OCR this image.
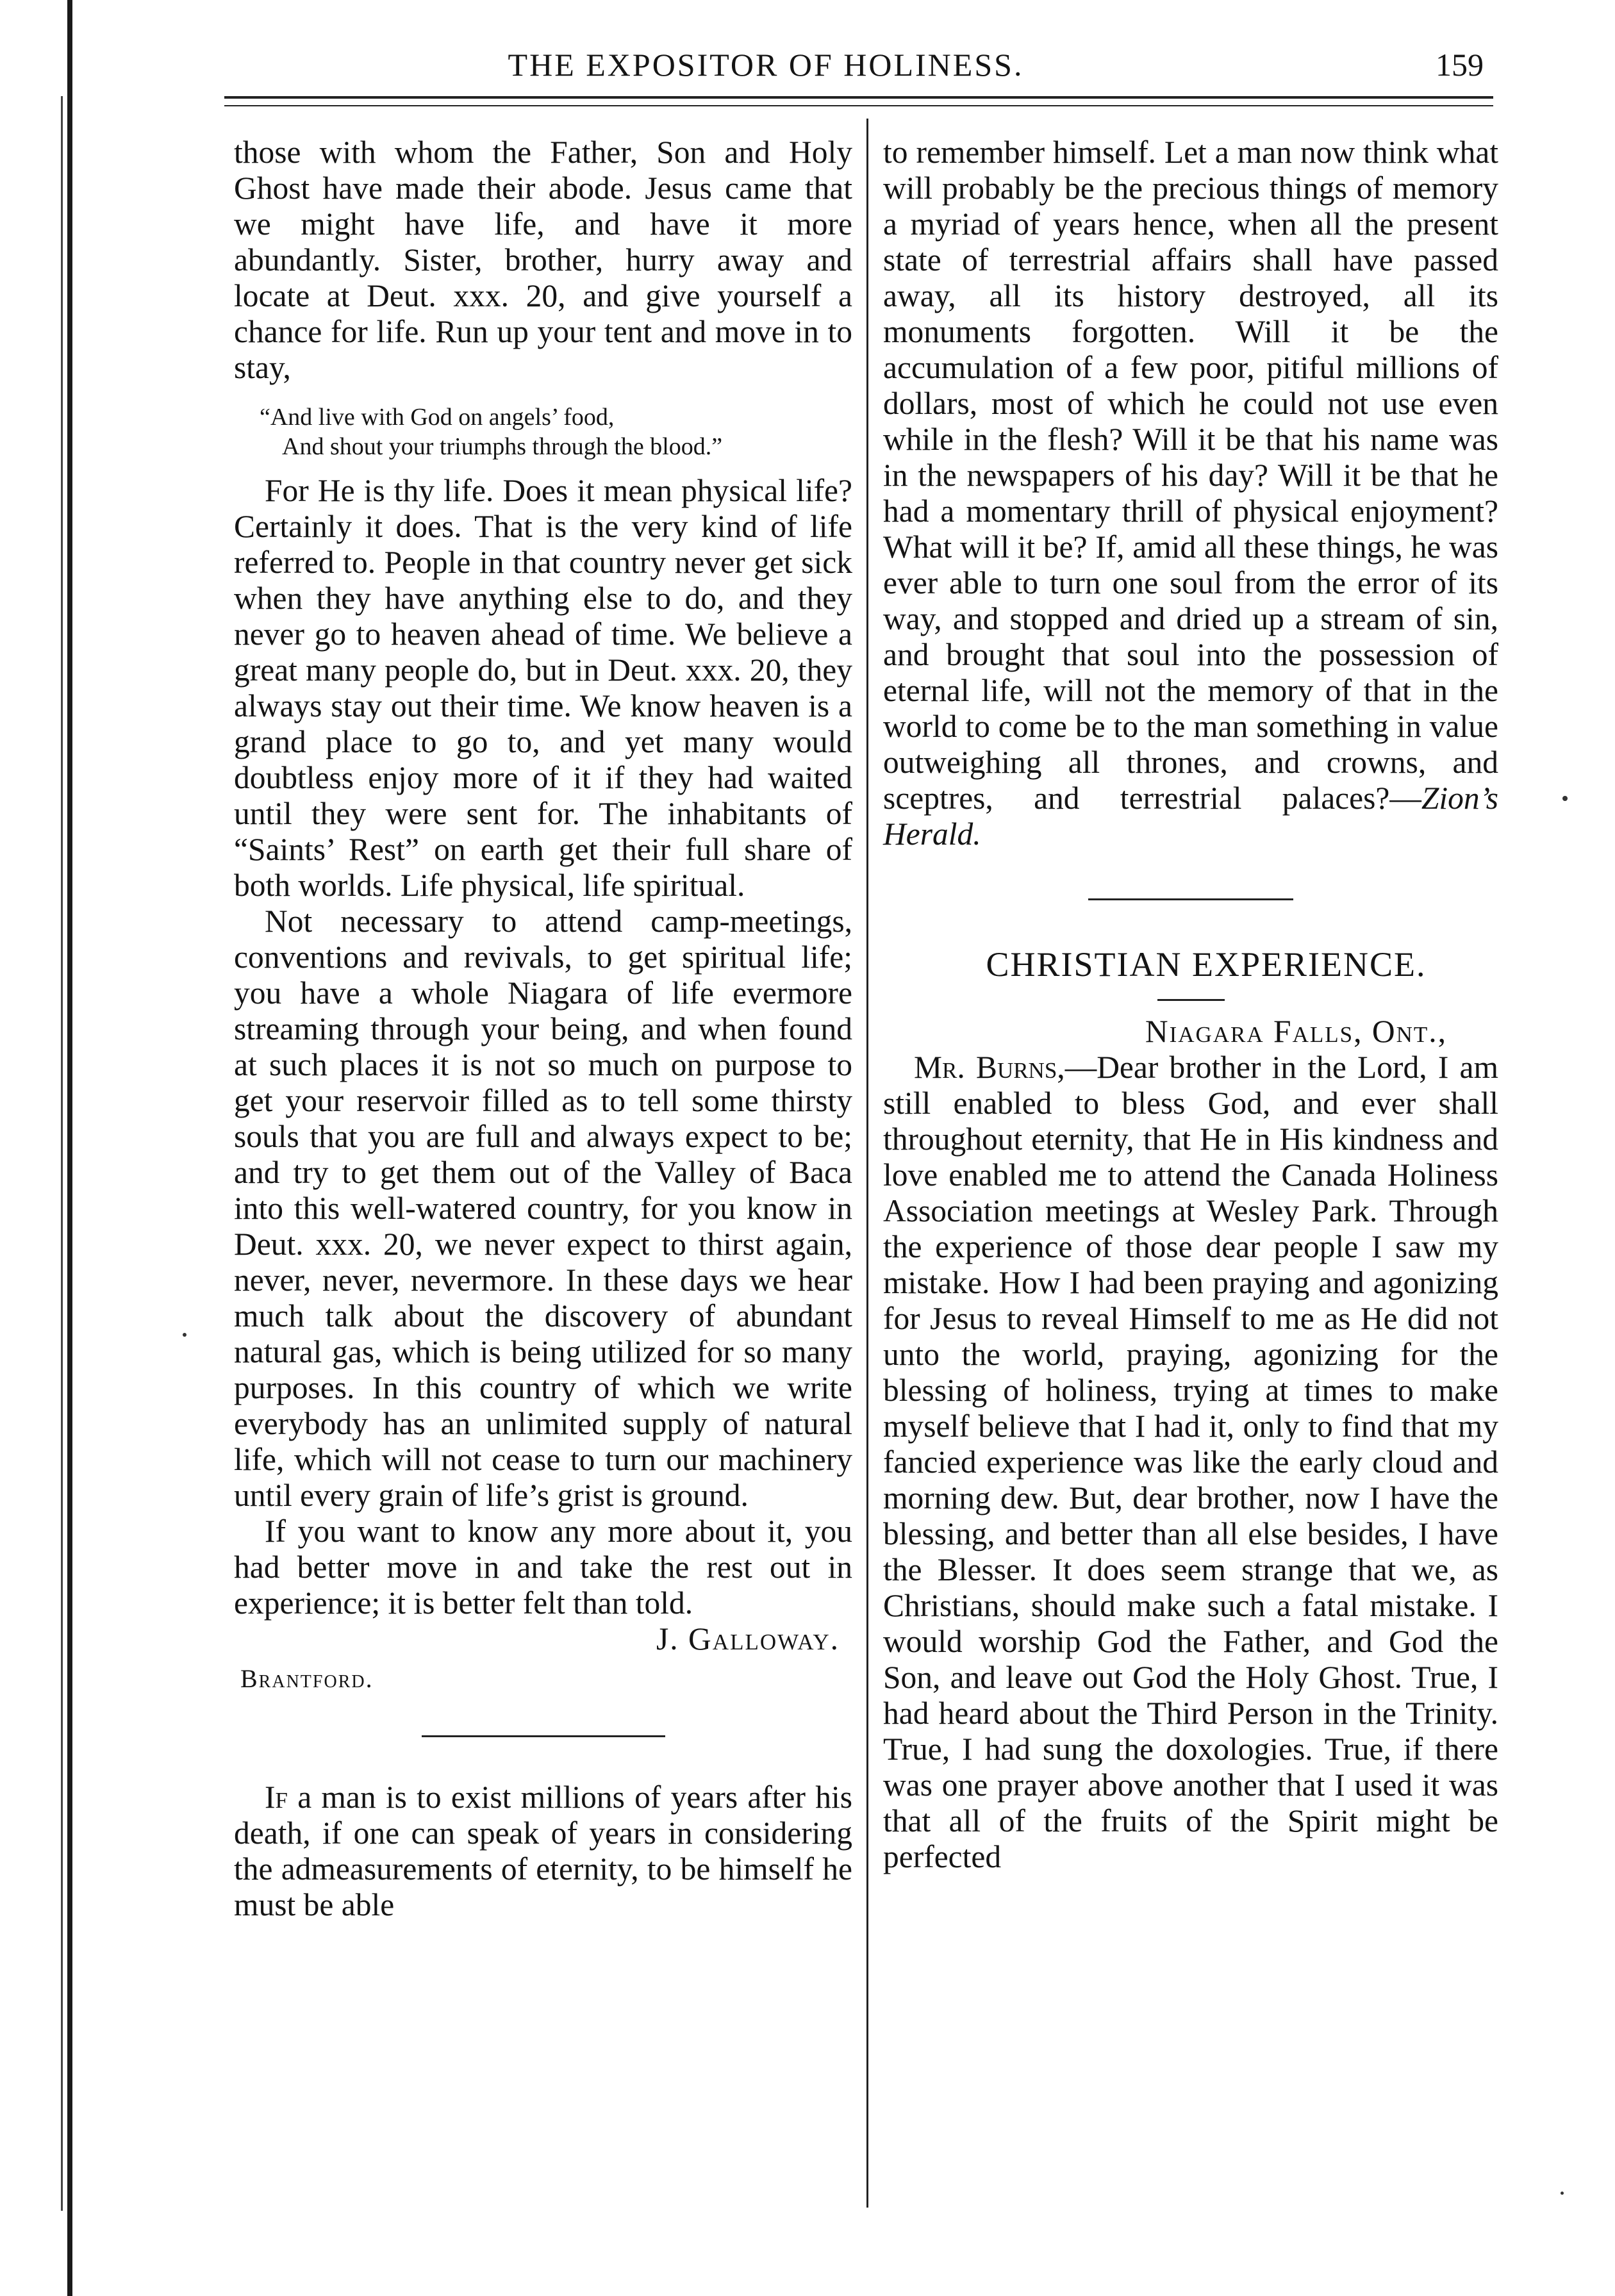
THE EXPOSITOR OF HOLINESS.	159

those with whom the Father, Son and Holy Ghost have made their abode. Jesus came that we might have life, and have it more abundantly. Sister, brother, hurry away and locate at Deut. xxx. 20, and give yourself a chance for life. Run up your tent and move in to stay,

“And live with God on angels’ food,
And shout your triumphs through the blood.”

For He is thy life. Does it mean physical life? Certainly it does. That is the very kind of life referred to. People in that country never get sick when they have anything else to do, and they never go to heaven ahead of time. We believe a great many people do, but in Deut. xxx. 20, they always stay out their time. We know heaven is a grand place to go to, and yet many would doubtless enjoy more of it if they had waited until they were sent for. The inhabitants of “Saints’ Rest” on earth get their full share of both worlds. Life physical, life spiritual.

Not necessary to attend camp-meetings, conventions and revivals, to get spiritual life; you have a whole Niagara of life evermore streaming through your being, and when found at such places it is not so much on purpose to get your reservoir filled as to tell some thirsty souls that you are full and always expect to be; and try to get them out of the Valley of Baca into this well-watered country, for you know in Deut. xxx. 20, we never expect to thirst again, never, never, nevermore. In these days we hear much talk about the discovery of abundant natural gas, which is being utilized for so many purposes. In this country of which we write everybody has an unlimited supply of natural life, which will not cease to turn our machinery until every grain of life’s grist is ground.

If you want to know any more about it, you had better move in and take the rest out in experience; it is better felt than told.

J. Galloway.
Brantford.

If a man is to exist millions of years after his death, if one can speak of years in considering the admeasurements of eternity, to be himself he must be able

to remember himself. Let a man now think what will probably be the precious things of memory a myriad of years hence, when all the present state of terrestrial affairs shall have passed away, all its history destroyed, all its monuments forgotten. Will it be the accumulation of a few poor, pitiful millions of dollars, most of which he could not use even while in the flesh? Will it be that his name was in the newspapers of his day? Will it be that he had a momentary thrill of physical enjoyment? What will it be? If, amid all these things, he was ever able to turn one soul from the error of its way, and stopped and dried up a stream of sin, and brought that soul into the possession of eternal life, will not the memory of that in the world to come be to the man something in value outweighing all thrones, and crowns, and sceptres, and terrestrial palaces?—Zion’s Herald.

CHRISTIAN EXPERIENCE.

Niagara Falls, Ont.,

Mr. Burns,—Dear brother in the Lord, I am still enabled to bless God, and ever shall throughout eternity, that He in His kindness and love enabled me to attend the Canada Holiness Association meetings at Wesley Park. Through the experience of those dear people I saw my mistake. How I had been praying and agonizing for Jesus to reveal Himself to me as He did not unto the world, praying, agonizing for the blessing of holiness, trying at times to make myself believe that I had it, only to find that my fancied experience was like the early cloud and morning dew. But, dear brother, now I have the blessing, and better than all else besides, I have the Blesser. It does seem strange that we, as Christians, should make such a fatal mistake. I would worship God the Father, and God the Son, and leave out God the Holy Ghost. True, I had heard about the Third Person in the Trinity. True, I had sung the doxologies. True, if there was one prayer above another that I used it was that all of the fruits of the Spirit might be perfected
